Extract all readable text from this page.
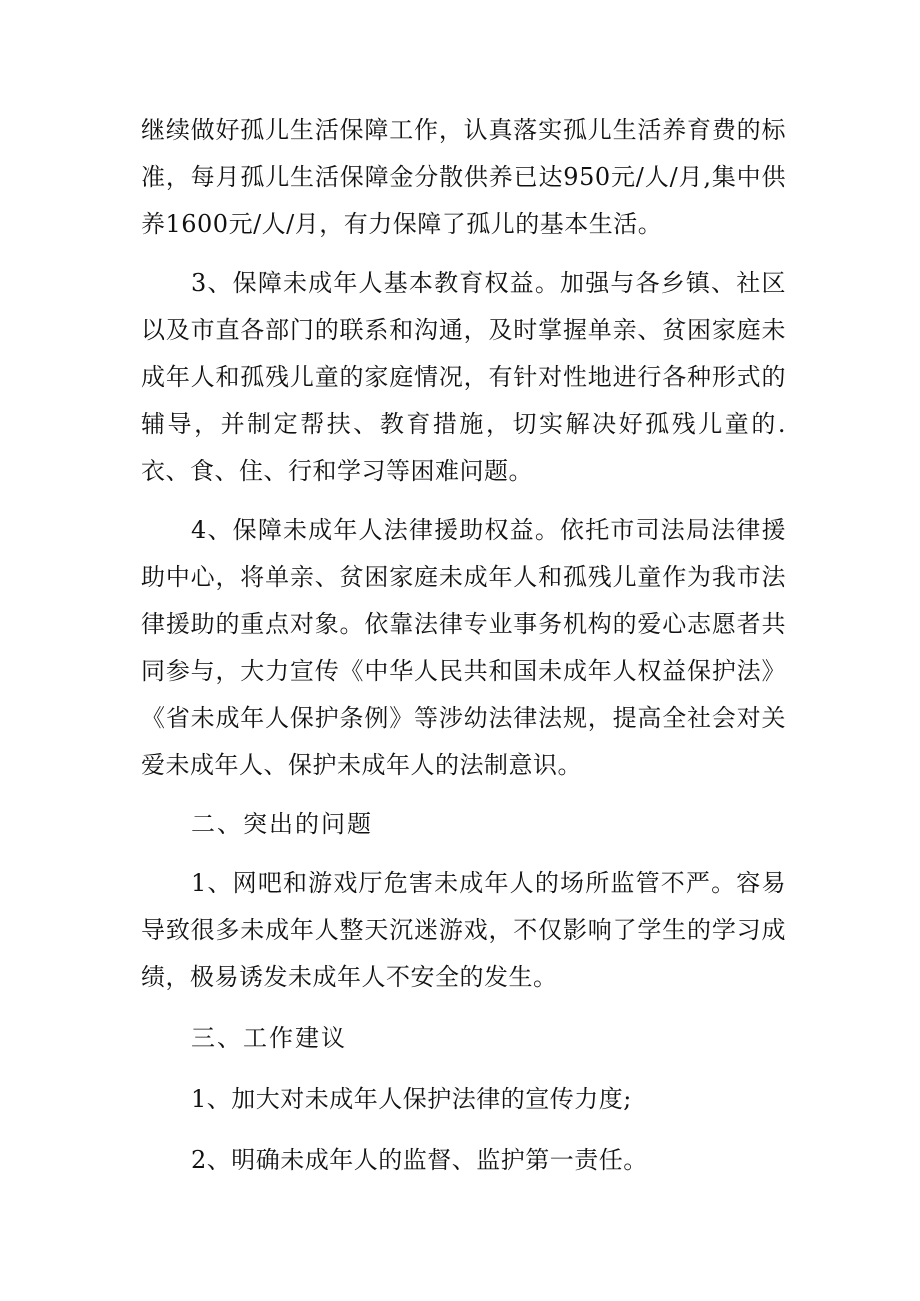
继续做好孤儿生活保障工作，认真落实孤儿生活养育费的标准，每月孤儿生活保障金分散供养已达950元/人/月,集中供养1600元/人/月，有力保障了孤儿的基本生活。

3、保障未成年人基本教育权益。加强与各乡镇、社区以及市直各部门的联系和沟通，及时掌握单亲、贫困家庭未成年人和孤残儿童的家庭情况，有针对性地进行各种形式的辅导，并制定帮扶、教育措施，切实解决好孤残儿童的.衣、食、住、行和学习等困难问题。

4、保障未成年人法律援助权益。依托市司法局法律援助中心，将单亲、贫困家庭未成年人和孤残儿童作为我市法律援助的重点对象。依靠法律专业事务机构的爱心志愿者共同参与，大力宣传《中华人民共和国未成年人权益保护法》《省未成年人保护条例》等涉幼法律法规，提高全社会对关爱未成年人、保护未成年人的法制意识。

二、突出的问题

1、网吧和游戏厅危害未成年人的场所监管不严。容易导致很多未成年人整天沉迷游戏，不仅影响了学生的学习成绩，极易诱发未成年人不安全的发生。

三、工作建议

1、加大对未成年人保护法律的宣传力度;

2、明确未成年人的监督、监护第一责任。
